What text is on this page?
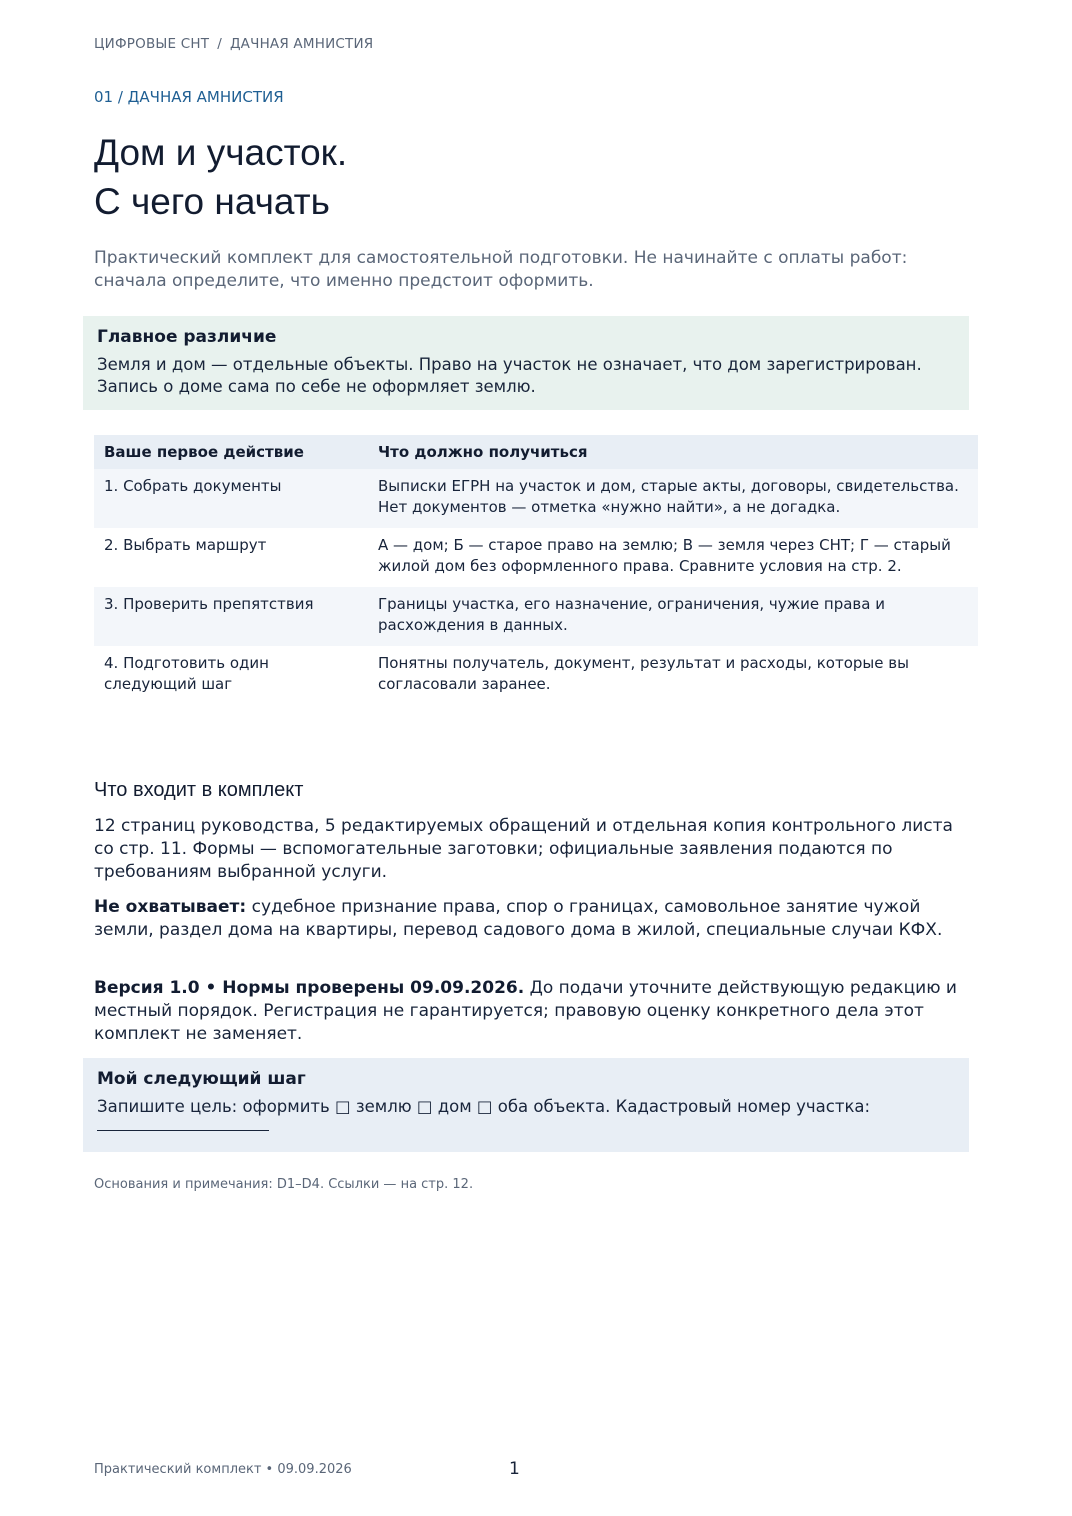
ЦИФРОВЫЕ СНТ / ДАЧНАЯ АМНИСТИЯ
01 / ДАЧНАЯ АМНИСТИЯ
Дом и участок.
С чего начать

Практический комплект для самостоятельной подготовки. Не начинайте с оплаты работ: сначала определите, что именно предстоит оформить.

Главное различие
Земля и дом — отдельные объекты. Право на участок не означает, что дом зарегистрирован. Запись о доме сама по себе не оформляет землю.
Ваше первое действие	Что должно получиться
1. Собрать документы	Выписки ЕГРН на участок и дом, старые акты, договоры, свидетельства. Нет документов — отметка «нужно найти», а не догадка.
2. Выбрать маршрут	А — дом; Б — старое право на землю; В — земля через СНТ; Г — старый жилой дом без оформленного права. Сравните условия на стр. 2.
3. Проверить препятствия	Границы участка, его назначение, ограничения, чужие права и расхождения в данных.
4. Подготовить один следующий шаг	Понятны получатель, документ, результат и расходы, которые вы согласовали заранее.
Что входит в комплект

12 страниц руководства, 5 редактируемых обращений и отдельная копия контрольного листа со стр. 11. Формы — вспомогательные заготовки; официальные заявления подаются по требованиям выбранной услуги.

Не охватывает: судебное признание права, спор о границах, самовольное занятие чужой земли, раздел дома на квартиры, перевод садового дома в жилой, специальные случаи КФХ.

Версия 1.0 • Нормы проверены 09.09.2026. До подачи уточните действующую редакцию и местный порядок. Регистрация не гарантируется; правовую оценку конкретного дела этот комплект не заменяет.

Мой следующий шаг
Запишите цель: оформить □ землю □ дом □ оба объекта. Кадастровый номер участка:
Основания и примечания: D1–D4. Ссылки — на стр. 12.
Практический комплект • 09.09.2026	1
